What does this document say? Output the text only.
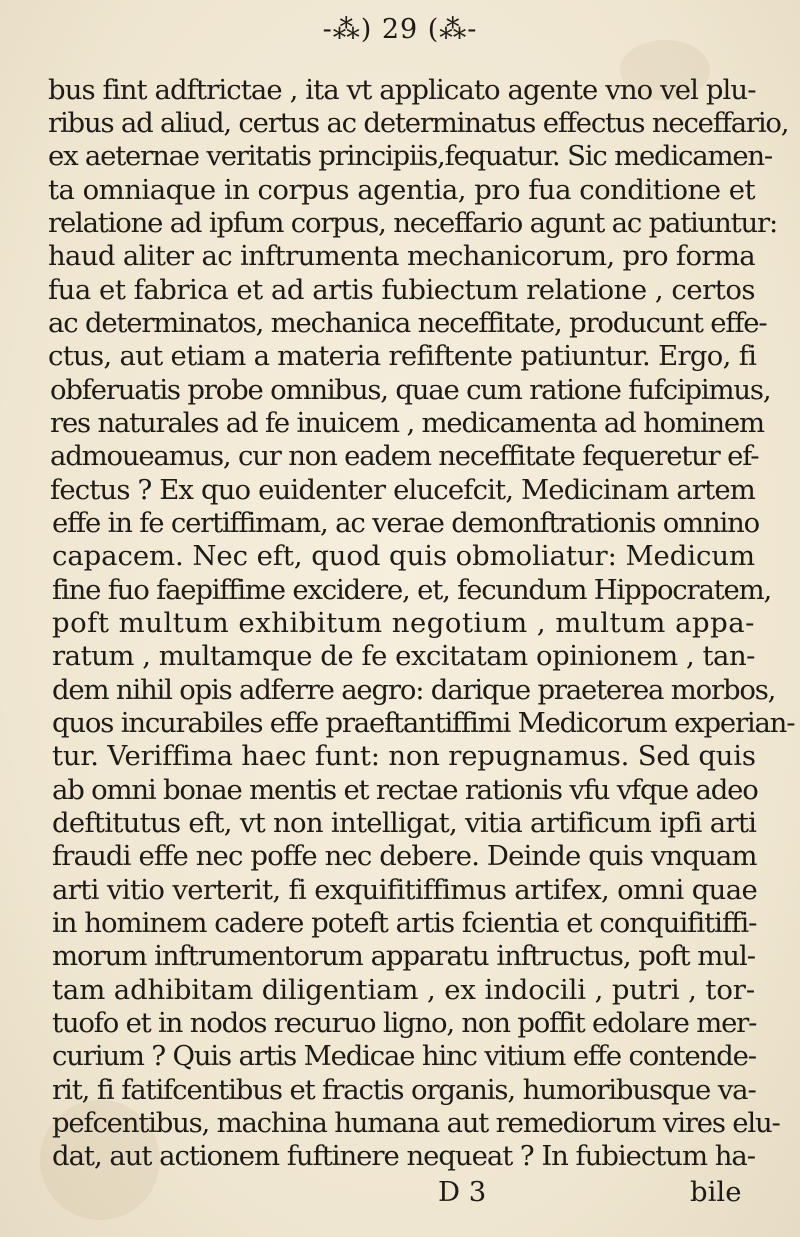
-⁂) 29 (⁂-
bus fint adftrictae , ita vt applicato agente vno vel plu-
ribus ad aliud, certus ac determinatus effectus neceffario,
ex aeternae veritatis principiis,fequatur. Sic medicamen-
ta omniaque in corpus agentia, pro fua conditione et
relatione ad ipfum corpus, neceffario agunt ac patiuntur:
haud aliter ac inftrumenta mechanicorum, pro forma
fua et fabrica et ad artis fubiectum relatione , certos
ac determinatos, mechanica neceffitate, producunt effe-
ctus, aut etiam a materia refiftente patiuntur. Ergo, fi
obferuatis probe omnibus, quae cum ratione fufcipimus,
res naturales ad fe inuicem , medicamenta ad hominem
admoueamus, cur non eadem neceffitate fequeretur ef-
fectus ? Ex quo euidenter elucefcit, Medicinam artem
effe in fe certiffimam, ac verae demonftrationis omnino
capacem. Nec eft, quod quis obmoliatur: Medicum
fine fuo faepiffime excidere, et, fecundum Hippocratem,
poft multum exhibitum negotium , multum appa-
ratum , multamque de fe excitatam opinionem , tan-
dem nihil opis adferre aegro: darique praeterea morbos,
quos incurabiles effe praeftantiffimi Medicorum experian-
tur. Veriffima haec funt: non repugnamus. Sed quis
ab omni bonae mentis et rectae rationis vfu vfque adeo
deftitutus eft, vt non intelligat, vitia artificum ipfi arti
fraudi effe nec poffe nec debere. Deinde quis vnquam
arti vitio verterit, fi exquifitiffimus artifex, omni quae
in hominem cadere poteft artis fcientia et conquifitiffi-
morum inftrumentorum apparatu inftructus, poft mul-
tam adhibitam diligentiam , ex indocili , putri , tor-
tuofo et in nodos recuruo ligno, non poffit edolare mer-
curium ? Quis artis Medicae hinc vitium effe contende-
rit, fi fatifcentibus et fractis organis, humoribusque va-
pefcentibus, machina humana aut remediorum vires elu-
dat, aut actionem fuftinere nequeat ? In fubiectum ha-
D 3	bile
